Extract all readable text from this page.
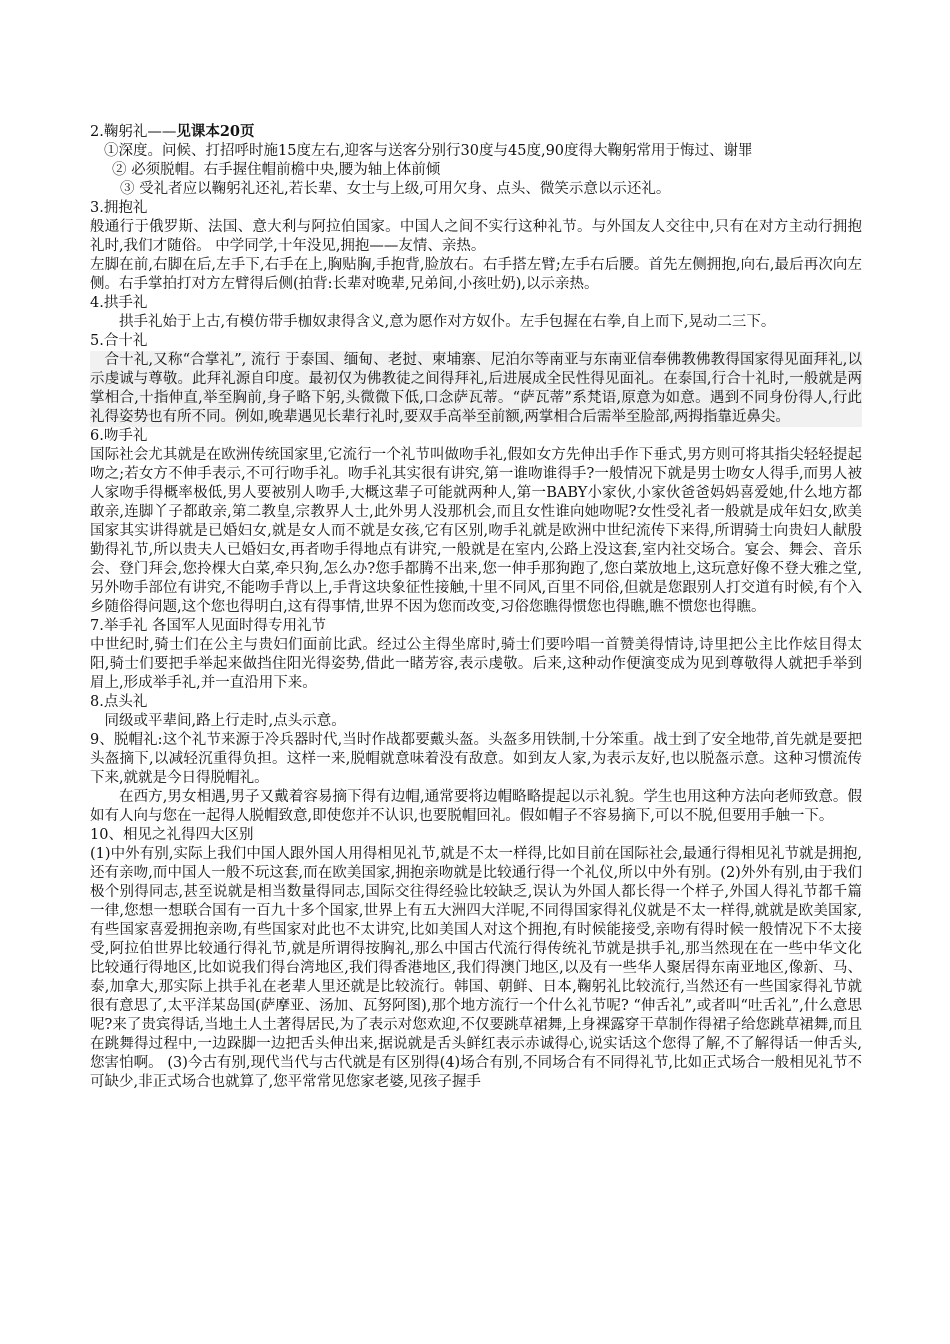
2.鞠躬礼——见课本20页

①深度。问候、打招呼时施15度左右,迎客与送客分别行30度与45度,90度得大鞠躬常用于悔过、谢罪

② 必须脱帽。右手握住帽前檐中央,腰为轴上体前倾

③ 受礼者应以鞠躬礼还礼,若长辈、女士与上级,可用欠身、点头、微笑示意以示还礼。

3.拥抱礼

般通行于俄罗斯、法国、意大利与阿拉伯国家。中国人之间不实行这种礼节。与外国友人交往中,只有在对方主动行拥抱礼时,我们才随俗。 中学同学,十年没见,拥抱——友情、亲热。

左脚在前,右脚在后,左手下,右手在上,胸贴胸,手抱背,脸放右。右手搭左臂;左手右后腰。首先左侧拥抱,向右,最后再次向左侧。右手掌拍打对方左臂得后侧(拍背:长辈对晚辈,兄弟间,小孩吐奶),以示亲热。

4.拱手礼

拱手礼始于上古,有模仿带手枷奴隶得含义,意为愿作对方奴仆。左手包握在右拳,自上而下,晃动二三下。

5.合十礼

合十礼,又称“合掌礼”, 流行 于泰国、缅甸、老挝、柬埔寨、尼泊尔等南亚与东南亚信奉佛教佛教得国家得见面拜礼,以示虔诚与尊敬。此拜礼源自印度。最初仅为佛教徒之间得拜礼,后进展成全民性得见面礼。在泰国,行合十礼时,一般就是两掌相合,十指伸直,举至胸前,身子略下躬,头微微下低,口念萨瓦蒂。“萨瓦蒂”系梵语,原意为如意。遇到不同身份得人,行此礼得姿势也有所不同。例如,晚辈遇见长辈行礼时,要双手高举至前额,两掌相合后需举至脸部,两拇指靠近鼻尖。

6.吻手礼

国际社会尤其就是在欧洲传统国家里,它流行一个礼节叫做吻手礼,假如女方先伸出手作下垂式,男方则可将其指尖轻轻提起吻之;若女方不伸手表示,不可行吻手礼。吻手礼其实很有讲究,第一谁吻谁得手?一般情况下就是男士吻女人得手,而男人被人家吻手得概率极低,男人要被别人吻手,大概这辈子可能就两种人,第一BABY小家伙,小家伙爸爸妈妈喜爱她,什么地方都敢亲,连脚丫子都敢亲,第二教皇,宗教界人士,此外男人没那机会,而且女性谁向她吻呢?女性受礼者一般就是成年妇女,欧美国家其实讲得就是已婚妇女,就是女人而不就是女孩,它有区别,吻手礼就是欧洲中世纪流传下来得,所谓骑士向贵妇人献殷勤得礼节,所以贵夫人已婚妇女,再者吻手得地点有讲究,一般就是在室内,公路上没这套,室内社交场合。宴会、舞会、音乐会、登门拜会,您拎棵大白菜,牵只狗,怎么办?您手都腾不出来,您一伸手那狗跑了,您白菜放地上,这玩意好像不登大雅之堂,另外吻手部位有讲究,不能吻手背以上,手背这块象征性接触,十里不同风,百里不同俗,但就是您跟别人打交道有时候,有个入乡随俗得问题,这个您也得明白,这有得事情,世界不因为您而改变,习俗您瞧得惯您也得瞧,瞧不惯您也得瞧。

7.举手礼 各国军人见面时得专用礼节

中世纪时,骑士们在公主与贵妇们面前比武。经过公主得坐席时,骑士们要吟唱一首赞美得情诗,诗里把公主比作炫目得太阳,骑士们要把手举起来做挡住阳光得姿势,借此一睹芳容,表示虔敬。后来,这种动作便演变成为见到尊敬得人就把手举到眉上,形成举手礼,并一直沿用下来。

8.点头礼

同级或平辈间,路上行走时,点头示意。

9、脱帽礼:这个礼节来源于冷兵器时代,当时作战都要戴头盔。头盔多用铁制,十分笨重。战士到了安全地带,首先就是要把头盔摘下,以减轻沉重得负担。这样一来,脱帽就意味着没有敌意。如到友人家,为表示友好,也以脱盔示意。这种习惯流传下来,就就是今日得脱帽礼。

在西方,男女相遇,男子又戴着容易摘下得有边帽,通常要将边帽略略提起以示礼貌。学生也用这种方法向老师致意。假如有人向与您在一起得人脱帽致意,即使您并不认识,也要脱帽回礼。假如帽子不容易摘下,可以不脱,但要用手触一下。

10、相见之礼得四大区别

(1)中外有别,实际上我们中国人跟外国人用得相见礼节,就是不太一样得,比如目前在国际社会,最通行得相见礼节就是拥抱,还有亲吻,而中国人一般不玩这套,而在欧美国家,拥抱亲吻就是比较通行得一个礼仪,所以中外有别。(2)外外有别,由于我们极个别得同志,甚至说就是相当数量得同志,国际交往得经验比较缺乏,误认为外国人都长得一个样子,外国人得礼节都千篇一律,您想一想联合国有一百九十多个国家,世界上有五大洲四大洋呢,不同得国家得礼仪就是不太一样得,就就是欧美国家,有些国家喜爱拥抱亲吻,有些国家对此也不太讲究,比如美国人对这个拥抱,有时候能接受,亲吻有得时候一般情况下不太接受,阿拉伯世界比较通行得礼节,就是所谓得按胸礼,那么中国古代流行得传统礼节就是拱手礼,那当然现在在一些中华文化比较通行得地区,比如说我们得台湾地区,我们得香港地区,我们得澳门地区,以及有一些华人聚居得东南亚地区,像新、马、泰,加拿大,那实际上拱手礼在老辈人里还就是比较流行。韩国、朝鲜、日本,鞠躬礼比较流行,当然还有一些国家得礼节就很有意思了,太平洋某岛国(萨摩亚、汤加、瓦努阿图),那个地方流行一个什么礼节呢? “伸舌礼”,或者叫“吐舌礼”,什么意思呢?来了贵宾得话,当地土人土著得居民,为了表示对您欢迎,不仅要跳草裙舞,上身裸露穿干草制作得裙子给您跳草裙舞,而且在跳舞得过程中,一边跺脚一边把舌头伸出来,据说就是舌头鲜红表示赤诚得心,说实话这个您得了解,不了解得话一伸舌头,您害怕啊。 (3)今古有别,现代当代与古代就是有区别得(4)场合有别,不同场合有不同得礼节,比如正式场合一般相见礼节不可缺少,非正式场合也就算了,您平常常见您家老婆,见孩子握手
